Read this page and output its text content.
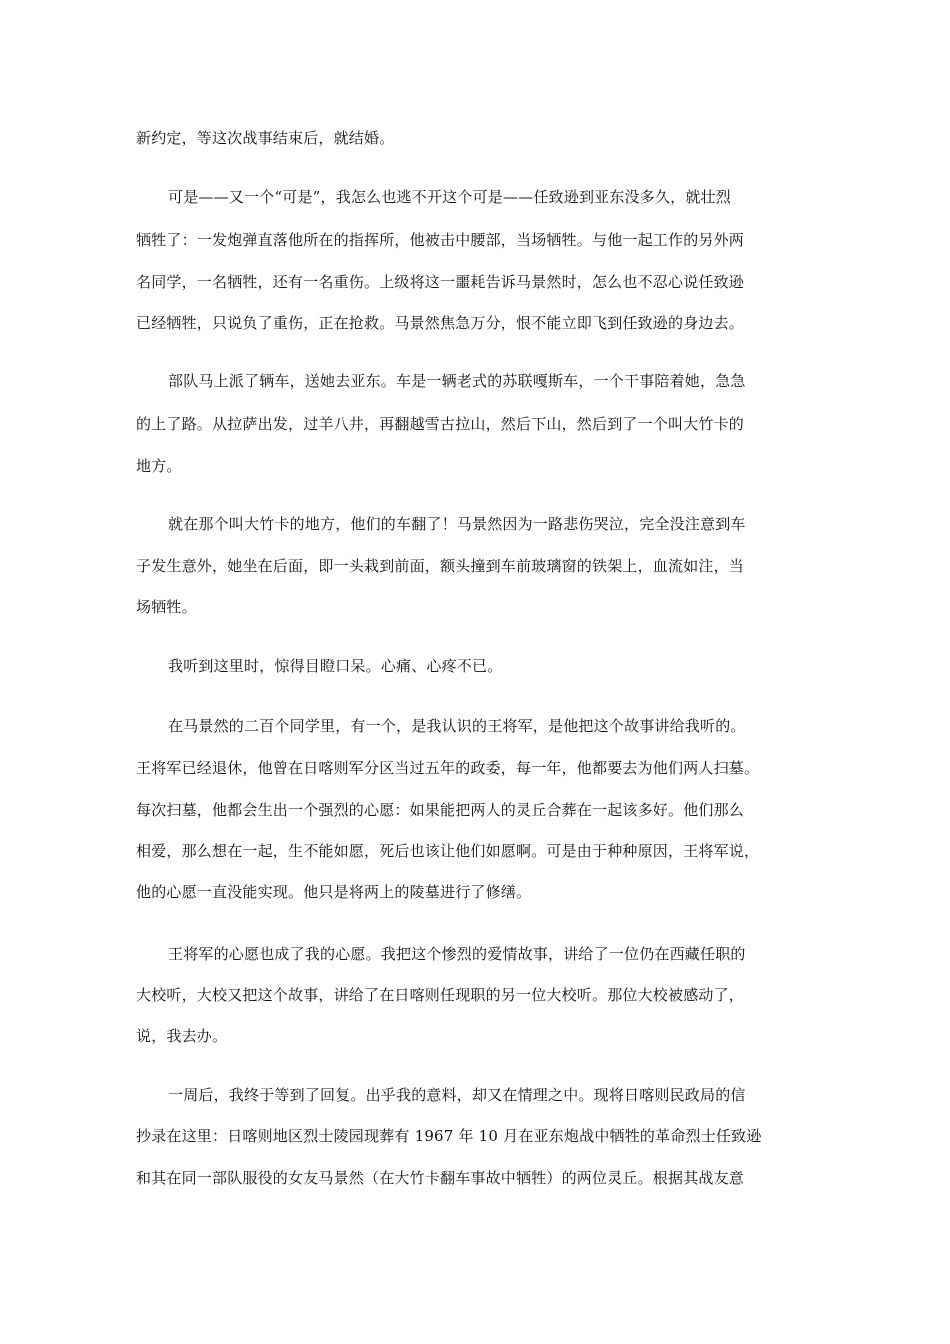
新约定，等这次战事结束后，就结婚。
可是——又一个“可是”，我怎么也逃不开这个可是——任致逊到亚东没多久，就壮烈
牺牲了：一发炮弹直落他所在的指挥所，他被击中腰部，当场牺牲。与他一起工作的另外两
名同学，一名牺牲，还有一名重伤。上级将这一噩耗告诉马景然时，怎么也不忍心说任致逊
已经牺牲，只说负了重伤，正在抢救。马景然焦急万分，恨不能立即飞到任致逊的身边去。
部队马上派了辆车，送她去亚东。车是一辆老式的苏联嘎斯车，一个干事陪着她，急急
的上了路。从拉萨出发，过羊八井，再翻越雪古拉山，然后下山，然后到了一个叫大竹卡的
地方。
就在那个叫大竹卡的地方，他们的车翻了！马景然因为一路悲伤哭泣，完全没注意到车
子发生意外，她坐在后面，即一头栽到前面，额头撞到车前玻璃窗的铁架上，血流如注，当
场牺牲。
我听到这里时，惊得目瞪口呆。心痛、心疼不已。
在马景然的二百个同学里，有一个，是我认识的王将军，是他把这个故事讲给我听的。
王将军已经退休，他曾在日喀则军分区当过五年的政委，每一年，他都要去为他们两人扫墓。
每次扫墓，他都会生出一个强烈的心愿：如果能把两人的灵丘合葬在一起该多好。他们那么
相爱，那么想在一起，生不能如愿，死后也该让他们如愿啊。可是由于种种原因，王将军说，
他的心愿一直没能实现。他只是将两上的陵墓进行了修缮。
王将军的心愿也成了我的心愿。我把这个惨烈的爱情故事，讲给了一位仍在西藏任职的
大校听，大校又把这个故事，讲给了在日喀则任现职的另一位大校听。那位大校被感动了，
说，我去办。
一周后，我终于等到了回复。出乎我的意料，却又在情理之中。现将日喀则民政局的信
抄录在这里：日喀则地区烈士陵园现葬有 1967 年 10 月在亚东炮战中牺牲的革命烈士任致逊
和其在同一部队服役的女友马景然（在大竹卡翻车事故中牺牲）的两位灵丘。根据其战友意
